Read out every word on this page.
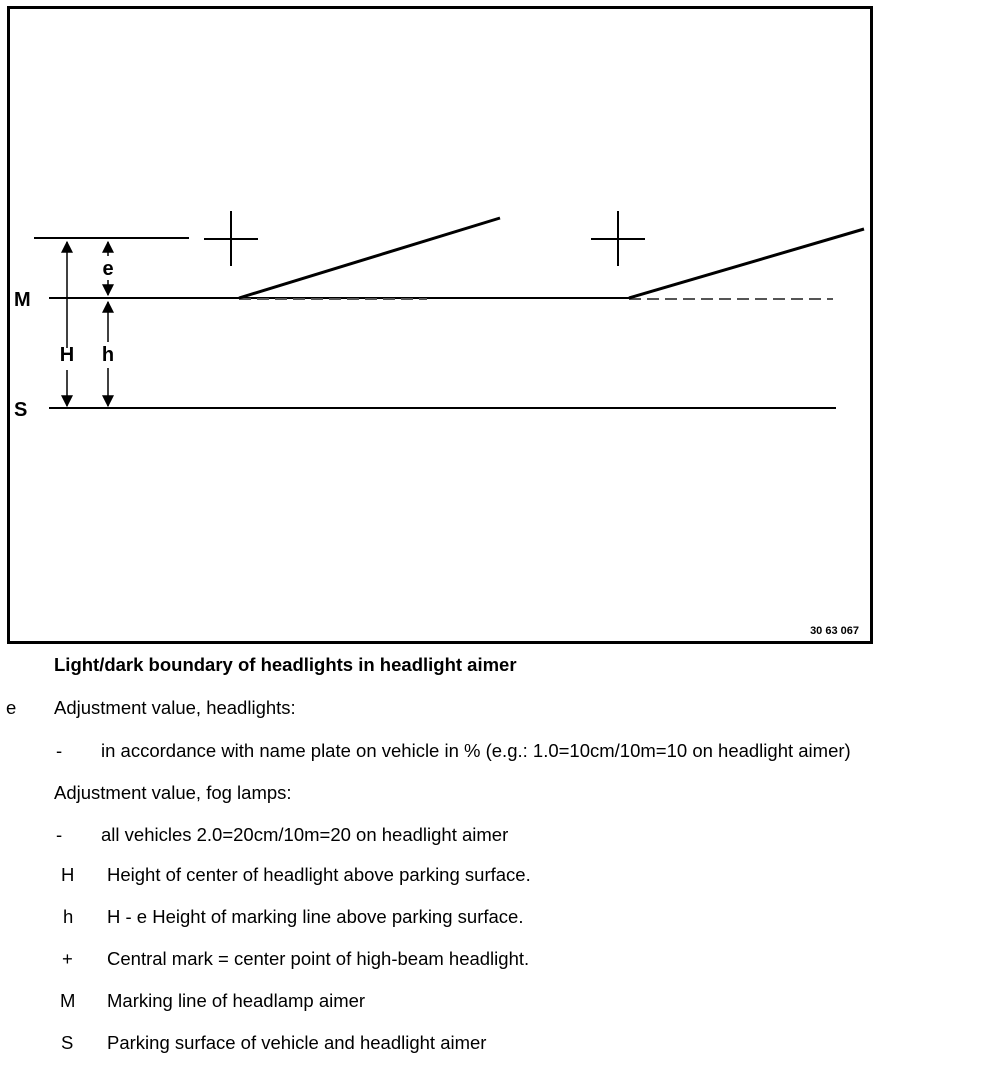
H
e
h
M
S
30 63 067
Light/dark boundary of headlights in headlight aimer
e Adjustment value, headlights:
- in accordance with name plate on vehicle in % (e.g.: 1.0=10cm/10m=10 on headlight aimer)
Adjustment value, fog lamps:
- all vehicles 2.0=20cm/10m=20 on headlight aimer
H Height of center of headlight above parking surface.
h H - e Height of marking line above parking surface.
+ Central mark = center point of high-beam headlight.
M Marking line of headlamp aimer
S Parking surface of vehicle and headlight aimer
